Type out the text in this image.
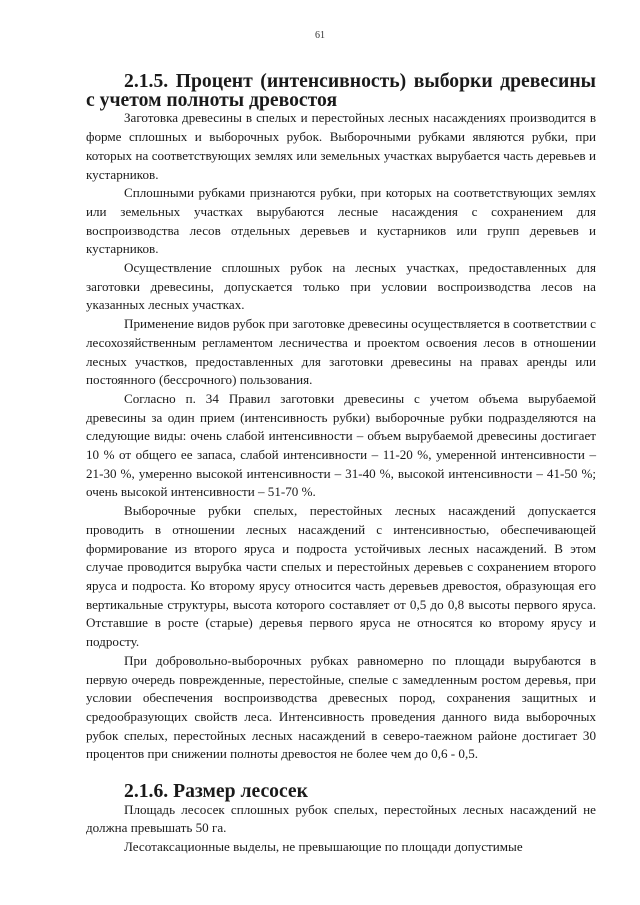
61
2.1.5. Процент (интенсивность) выборки древесины с учетом полноты древостоя

Заготовка древесины в спелых и перестойных лесных насаждениях производится в форме сплошных и выборочных рубок. Выборочными рубками являются рубки, при которых на соответствующих землях или земельных участках вырубается часть деревьев и кустарников.

Сплошными рубками признаются рубки, при которых на соответствующих землях или земельных участках вырубаются лесные насаждения с сохранением для воспроизводства лесов отдельных деревьев и кустарников или групп деревьев и кустарников.

Осуществление сплошных рубок на лесных участках, предоставленных для заготовки древесины, допускается только при условии воспроизводства лесов на указанных лесных участках.

Применение видов рубок при заготовке древесины осуществляется в соответствии с лесохозяйственным регламентом лесничества и проектом освоения лесов в отношении лесных участков, предоставленных для заготовки древесины на правах аренды или постоянного (бессрочного) пользования.

Согласно п. 34 Правил заготовки древесины с учетом объема вырубаемой древесины за один прием (интенсивность рубки) выборочные рубки подразделяются на следующие виды: очень слабой интенсивности – объем вырубаемой древесины достигает 10 % от общего ее запаса, слабой интенсивности – 11-20 %, умеренной интенсивности – 21-30 %, умеренно высокой интенсивности – 31-40 %, высокой интенсивности – 41-50 %; очень высокой интенсивности – 51-70 %.

Выборочные рубки спелых, перестойных лесных насаждений допускается проводить в отношении лесных насаждений с интенсивностью, обеспечивающей формирование из второго яруса и подроста устойчивых лесных насаждений. В этом случае проводится вырубка части спелых и перестойных деревьев с сохранением второго яруса и подроста. Ко второму ярусу относится часть деревьев древостоя, образующая его вертикальные структуры, высота которого составляет от 0,5 до 0,8 высоты первого яруса. Отставшие в росте (старые) деревья первого яруса не относятся ко второму ярусу и подросту.

При добровольно-выборочных рубках равномерно по площади вырубаются в первую очередь поврежденные, перестойные, спелые с замедленным ростом деревья, при условии обеспечения воспроизводства древесных пород, сохранения защитных и средообразующих свойств леса. Интенсивность проведения данного вида выборочных рубок спелых, перестойных лесных насаждений в северо-таежном районе достигает 30 процентов при снижении полноты древостоя не более чем до 0,6 - 0,5.

2.1.6. Размер лесосек

Площадь лесосек сплошных рубок спелых, перестойных лесных насаждений не должна превышать 50 га.

Лесотаксационные выделы, не превышающие по площади допустимые
